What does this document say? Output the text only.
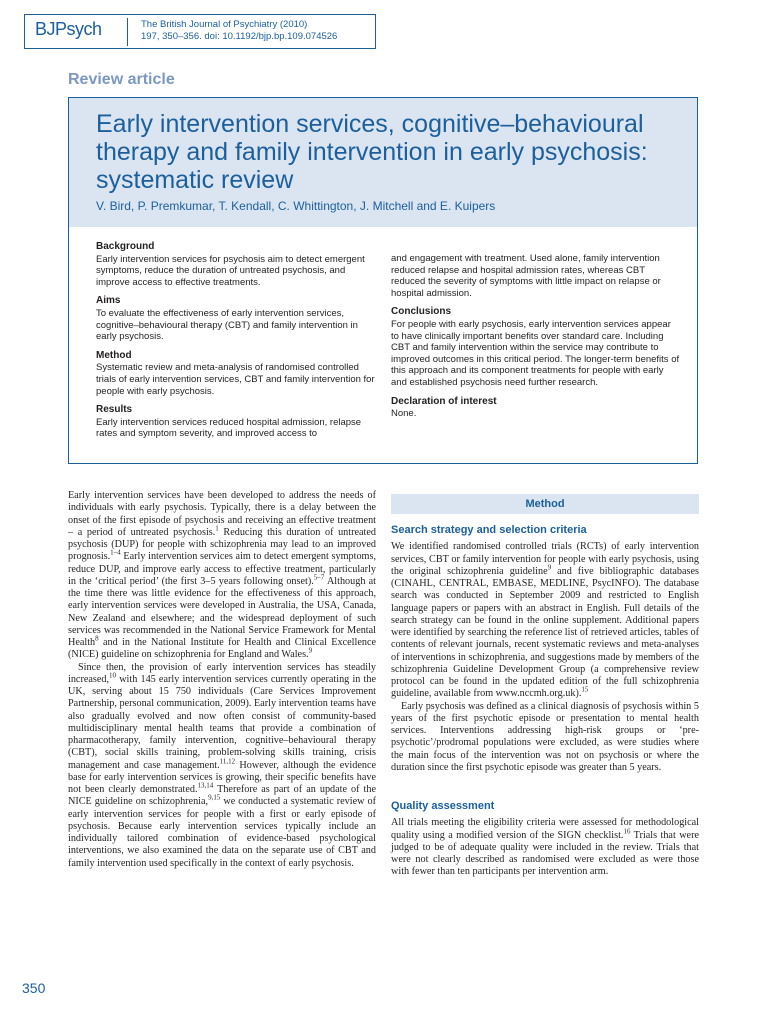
BJPsych	The British Journal of Psychiatry (2010)
197, 350–356. doi: 10.1192/bjp.bp.109.074526
Review article
Early intervention services, cognitive–behavioural therapy and family intervention in early psychosis: systematic review
V. Bird, P. Premkumar, T. Kendall, C. Whittington, J. Mitchell and E. Kuipers
Background
Early intervention services for psychosis aim to detect emergent symptoms, reduce the duration of untreated psychosis, and improve access to effective treatments.
Aims
To evaluate the effectiveness of early intervention services, cognitive–behavioural therapy (CBT) and family intervention in early psychosis.
Method
Systematic review and meta-analysis of randomised controlled trials of early intervention services, CBT and family intervention for people with early psychosis.
Results
Early intervention services reduced hospital admission, relapse rates and symptom severity, and improved access to
and engagement with treatment. Used alone, family intervention reduced relapse and hospital admission rates, whereas CBT reduced the severity of symptoms with little impact on relapse or hospital admission.
Conclusions
For people with early psychosis, early intervention services appear to have clinically important benefits over standard care. Including CBT and family intervention within the service may contribute to improved outcomes in this critical period. The longer-term benefits of this approach and its component treatments for people with early and established psychosis need further research.
Declaration of interest
None.

Early intervention services have been developed to address the needs of individuals with early psychosis. Typically, there is a delay between the onset of the first episode of psychosis and receiving an effective treatment – a period of untreated psychosis.$^1$ Reducing this duration of untreated psychosis (DUP) for people with schizophrenia may lead to an improved prognosis.$^{1-4}$ Early intervention services aim to detect emergent symptoms, reduce DUP, and improve early access to effective treatment, particularly in the ‘critical period’ (the first 3–5 years following onset).$^{5-7}$ Although at the time there was little evidence for the effectiveness of this approach, early intervention services were developed in Australia, the USA, Canada, New Zealand and elsewhere; and the widespread deployment of such services was recommended in the National Service Framework for Mental Health$^8$ and in the National Institute for Health and Clinical Excellence (NICE) guideline on schizophrenia for England and Wales.$^9$

Since then, the provision of early intervention services has steadily increased,$^{10}$ with 145 early intervention services currently operating in the UK, serving about 15 750 individuals (Care Services Improvement Partnership, personal communication, 2009). Early intervention teams have also gradually evolved and now often consist of community-based multidisciplinary mental health teams that provide a combination of pharmacotherapy, family intervention, cognitive–behavioural therapy (CBT), social skills training, problem-solving skills training, crisis management and case management.$^{11,12}$ However, although the evidence base for early intervention services is growing, their specific benefits have not been clearly demonstrated.$^{13,14}$ Therefore as part of an update of the NICE guideline on schizophrenia,$^{9,15}$ we conducted a systematic review of early intervention services for people with a first or early episode of psychosis. Because early intervention services typically include an individually tailored combination of evidence-based psychological interventions, we also examined the data on the separate use of CBT and family intervention used specifically in the context of early psychosis.

Method
Search strategy and selection criteria

We identified randomised controlled trials (RCTs) of early intervention services, CBT or family intervention for people with early psychosis, using the original schizophrenia guideline$^9$ and five bibliographic databases (CINAHL, CENTRAL, EMBASE, MEDLINE, PsycINFO). The database search was conducted in September 2009 and restricted to English language papers or papers with an abstract in English. Full details of the search strategy can be found in the online supplement. Additional papers were identified by searching the reference list of retrieved articles, tables of contents of relevant journals, recent systematic reviews and meta-analyses of interventions in schizophrenia, and suggestions made by members of the schizophrenia Guideline Development Group (a comprehensive review protocol can be found in the updated edition of the full schizophrenia guideline, available from www.nccmh.org.uk).$^{15}$

Early psychosis was defined as a clinical diagnosis of psychosis within 5 years of the first psychotic episode or presentation to mental health services. Interventions addressing high-risk groups or ‘pre-psychotic’/prodromal populations were excluded, as were studies where the main focus of the intervention was not on psychosis or where the duration since the first psychotic episode was greater than 5 years.

Quality assessment

All trials meeting the eligibility criteria were assessed for methodological quality using a modified version of the SIGN checklist.$^{16}$ Trials that were judged to be of adequate quality were included in the review. Trials that were not clearly described as randomised were excluded as were those with fewer than ten participants per intervention arm.

350
